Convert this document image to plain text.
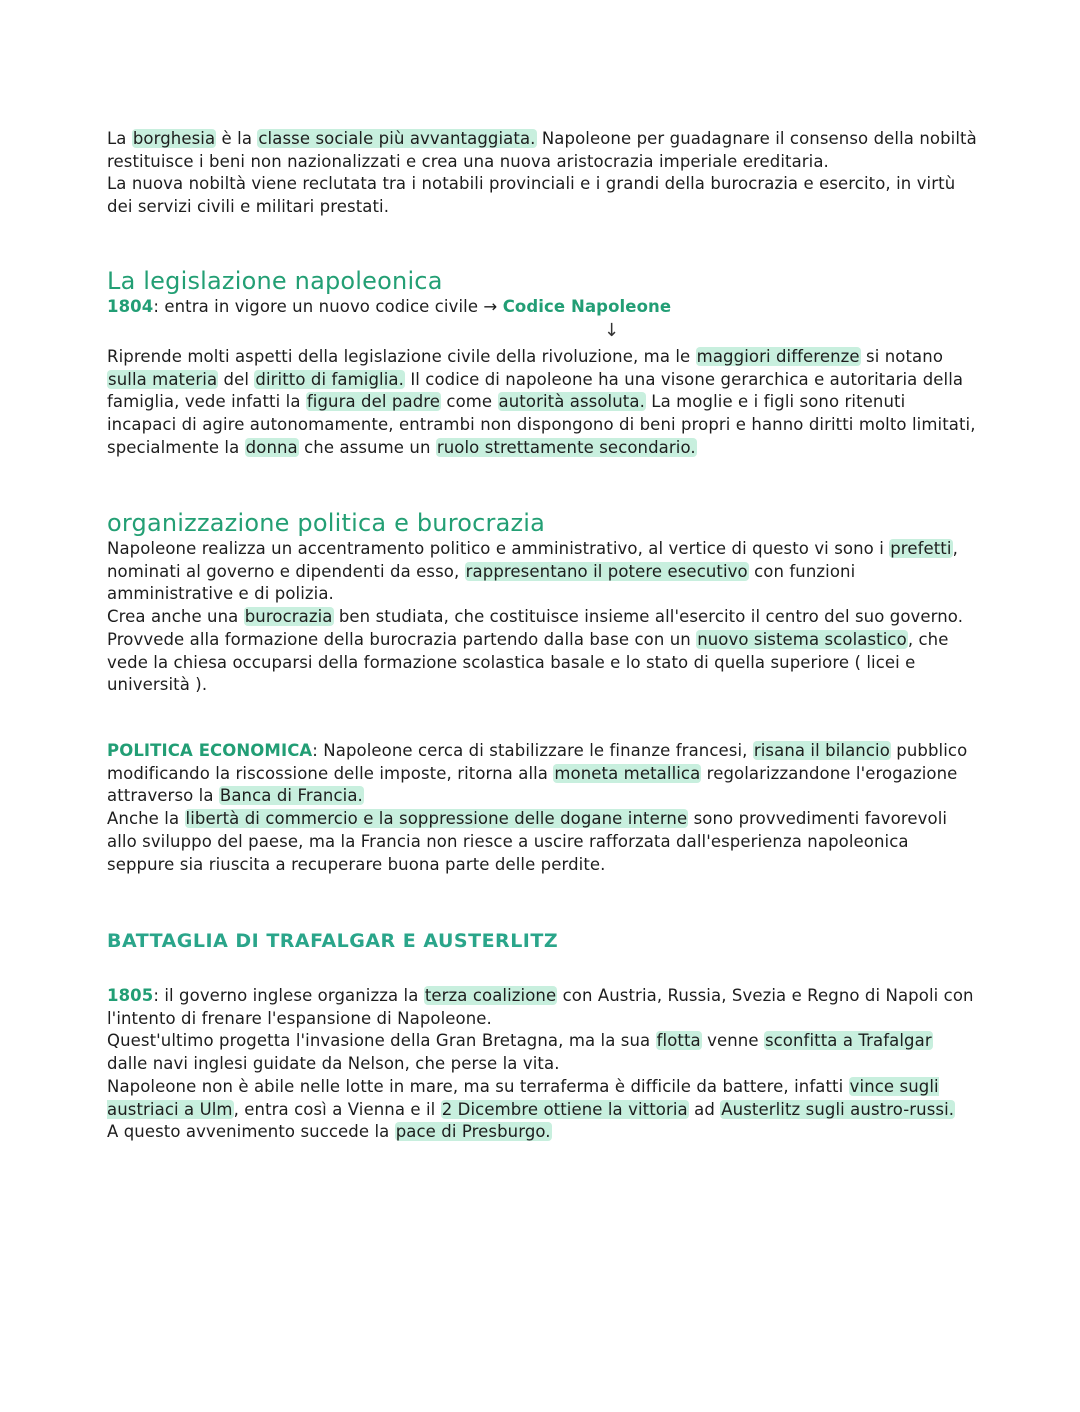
La borghesia è la classe sociale più avvantaggiata. Napoleone per guadagnare il consenso della nobiltà restituisce i beni non nazionalizzati e crea una nuova aristocrazia imperiale ereditaria.

La nuova nobiltà viene reclutata tra i notabili provinciali e i grandi della burocrazia e esercito, in virtù dei servizi civili e militari prestati.

La legislazione napoleonica

1804: entra in vigore un nuovo codice civile → Codice Napoleone

↓

Riprende molti aspetti della legislazione civile della rivoluzione, ma le maggiori differenze si notano sulla materia del diritto di famiglia. Il codice di napoleone ha una visone gerarchica e autoritaria della famiglia, vede infatti la figura del padre come autorità assoluta. La moglie e i figli sono ritenuti incapaci di agire autonomamente, entrambi non dispongono di beni propri e hanno diritti molto limitati, specialmente la donna che assume un ruolo strettamente secondario.

organizzazione politica e burocrazia

Napoleone realizza un accentramento politico e amministrativo, al vertice di questo vi sono i prefetti, nominati al governo e dipendenti da esso, rappresentano il potere esecutivo con funzioni amministrative e di polizia.

Crea anche una burocrazia ben studiata, che costituisce insieme all'esercito il centro del suo governo.

Provvede alla formazione della burocrazia partendo dalla base con un nuovo sistema scolastico, che vede la chiesa occuparsi della formazione scolastica basale e lo stato di quella superiore ( licei e università ).

POLITICA ECONOMICA: Napoleone cerca di stabilizzare le finanze francesi, risana il bilancio pubblico modificando la riscossione delle imposte, ritorna alla moneta metallica regolarizzandone l'erogazione attraverso la Banca di Francia.

Anche la libertà di commercio e la soppressione delle dogane interne sono provvedimenti favorevoli allo sviluppo del paese, ma la Francia non riesce a uscire rafforzata dall'esperienza napoleonica seppure sia riuscita a recuperare buona parte delle perdite.

BATTAGLIA DI TRAFALGAR E AUSTERLITZ

1805: il governo inglese organizza la terza coalizione con Austria, Russia, Svezia e Regno di Napoli con l'intento di frenare l'espansione di Napoleone.

Quest'ultimo progetta l'invasione della Gran Bretagna, ma la sua flotta venne sconfitta a Trafalgar dalle navi inglesi guidate da Nelson, che perse la vita.

Napoleone non è abile nelle lotte in mare, ma su terraferma è difficile da battere, infatti vince sugli austriaci a Ulm, entra così a Vienna e il 2 Dicembre ottiene la vittoria ad Austerlitz sugli austro-russi.

A questo avvenimento succede la pace di Presburgo.
